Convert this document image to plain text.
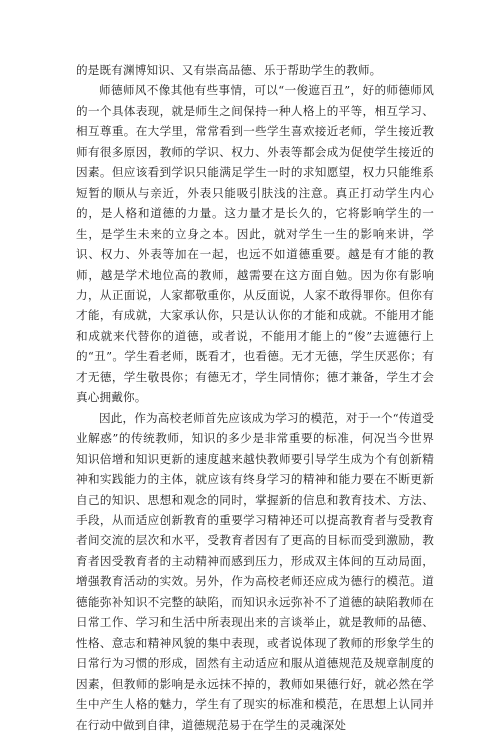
的是既有渊博知识、又有崇高品德、乐于帮助学生的教师。

师德师风不像其他有些事情，可以“一俊遮百丑”，好的师德师风的一个具体表现，就是师生之间保持一种人格上的平等，相互学习、相互尊重。在大学里，常常看到一些学生喜欢接近老师，学生接近教师有很多原因，教师的学识、权力、外表等都会成为促使学生接近的因素。但应该看到学识只能满足学生一时的求知愿望，权力只能维系短暂的顺从与亲近，外表只能吸引肤浅的注意。真正打动学生内心的，是人格和道德的力量。这力量才是长久的，它将影响学生的一生，是学生未来的立身之本。因此，就对学生一生的影响来讲，学识、权力、外表等加在一起，也远不如道德重要。越是有才能的教师，越是学术地位高的教师，越需要在这方面自勉。因为你有影响力，从正面说，人家都敬重你，从反面说，人家不敢得罪你。但你有才能，有成就，大家承认你，只是认认你的才能和成就。不能用才能和成就来代替你的道德，或者说，不能用才能上的“俊”去遮德行上的“丑”。学生看老师，既看才，也看德。无才无德，学生厌恶你；有才无德，学生敬畏你；有德无才，学生同情你；德才兼备，学生才会真心拥戴你。

因此，作为高校老师首先应该成为学习的模范，对于一个“传道受业解惑”的传统教师，知识的多少是非常重要的标准，何况当今世界知识倍增和知识更新的速度越来越快教师要引导学生成为个有创新精神和实践能力的主体，就应该有终身学习的精神和能力要在不断更新自己的知识、思想和观念的同时，掌握新的信息和教育技术、方法、手段，从而适应创新教育的重要学习精神还可以提高教育者与受教育者间交流的层次和水平，受教育者因有了更高的目标而受到激励，教育者因受教育者的主动精神而感到压力，形成双主体间的互动局面，增强教育活动的实效。另外，作为高校老师还应成为德行的模范。道德能弥补知识不完整的缺陷，而知识永远弥补不了道德的缺陷教师在日常工作、学习和生活中所表现出来的言谈举止，就是教师的品德、性格、意志和精神风貌的集中表现，或者说体现了教师的形象学生的日常行为习惯的形成，固然有主动适应和服从道德规范及规章制度的因素，但教师的影响是永远抹不掉的，教师如果德行好，就必然在学生中产生人格的魅力，学生有了现实的标准和模范，在思想上认同并在行动中做到自律，道德规范易于在学生的灵魂深处
